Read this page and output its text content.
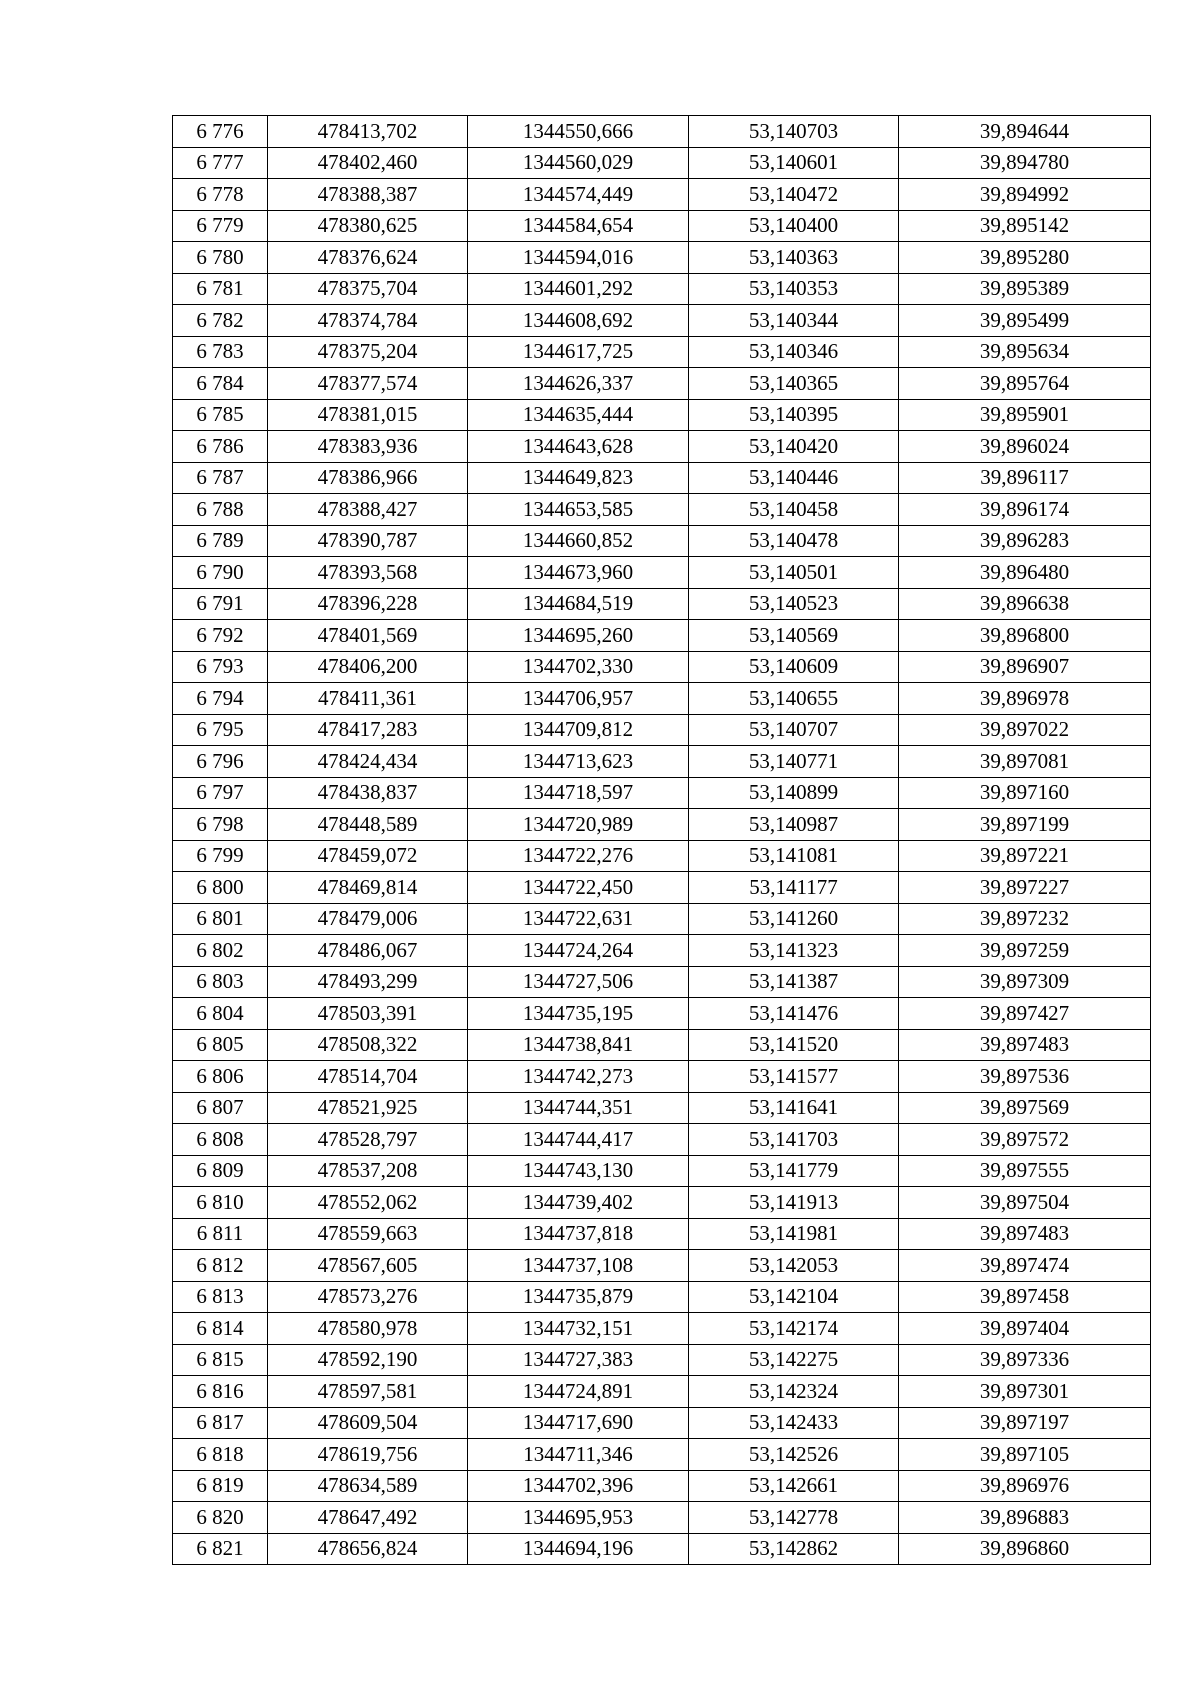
6 776	478413,702	1344550,666	53,140703	39,894644
6 777	478402,460	1344560,029	53,140601	39,894780
6 778	478388,387	1344574,449	53,140472	39,894992
6 779	478380,625	1344584,654	53,140400	39,895142
6 780	478376,624	1344594,016	53,140363	39,895280
6 781	478375,704	1344601,292	53,140353	39,895389
6 782	478374,784	1344608,692	53,140344	39,895499
6 783	478375,204	1344617,725	53,140346	39,895634
6 784	478377,574	1344626,337	53,140365	39,895764
6 785	478381,015	1344635,444	53,140395	39,895901
6 786	478383,936	1344643,628	53,140420	39,896024
6 787	478386,966	1344649,823	53,140446	39,896117
6 788	478388,427	1344653,585	53,140458	39,896174
6 789	478390,787	1344660,852	53,140478	39,896283
6 790	478393,568	1344673,960	53,140501	39,896480
6 791	478396,228	1344684,519	53,140523	39,896638
6 792	478401,569	1344695,260	53,140569	39,896800
6 793	478406,200	1344702,330	53,140609	39,896907
6 794	478411,361	1344706,957	53,140655	39,896978
6 795	478417,283	1344709,812	53,140707	39,897022
6 796	478424,434	1344713,623	53,140771	39,897081
6 797	478438,837	1344718,597	53,140899	39,897160
6 798	478448,589	1344720,989	53,140987	39,897199
6 799	478459,072	1344722,276	53,141081	39,897221
6 800	478469,814	1344722,450	53,141177	39,897227
6 801	478479,006	1344722,631	53,141260	39,897232
6 802	478486,067	1344724,264	53,141323	39,897259
6 803	478493,299	1344727,506	53,141387	39,897309
6 804	478503,391	1344735,195	53,141476	39,897427
6 805	478508,322	1344738,841	53,141520	39,897483
6 806	478514,704	1344742,273	53,141577	39,897536
6 807	478521,925	1344744,351	53,141641	39,897569
6 808	478528,797	1344744,417	53,141703	39,897572
6 809	478537,208	1344743,130	53,141779	39,897555
6 810	478552,062	1344739,402	53,141913	39,897504
6 811	478559,663	1344737,818	53,141981	39,897483
6 812	478567,605	1344737,108	53,142053	39,897474
6 813	478573,276	1344735,879	53,142104	39,897458
6 814	478580,978	1344732,151	53,142174	39,897404
6 815	478592,190	1344727,383	53,142275	39,897336
6 816	478597,581	1344724,891	53,142324	39,897301
6 817	478609,504	1344717,690	53,142433	39,897197
6 818	478619,756	1344711,346	53,142526	39,897105
6 819	478634,589	1344702,396	53,142661	39,896976
6 820	478647,492	1344695,953	53,142778	39,896883
6 821	478656,824	1344694,196	53,142862	39,896860
